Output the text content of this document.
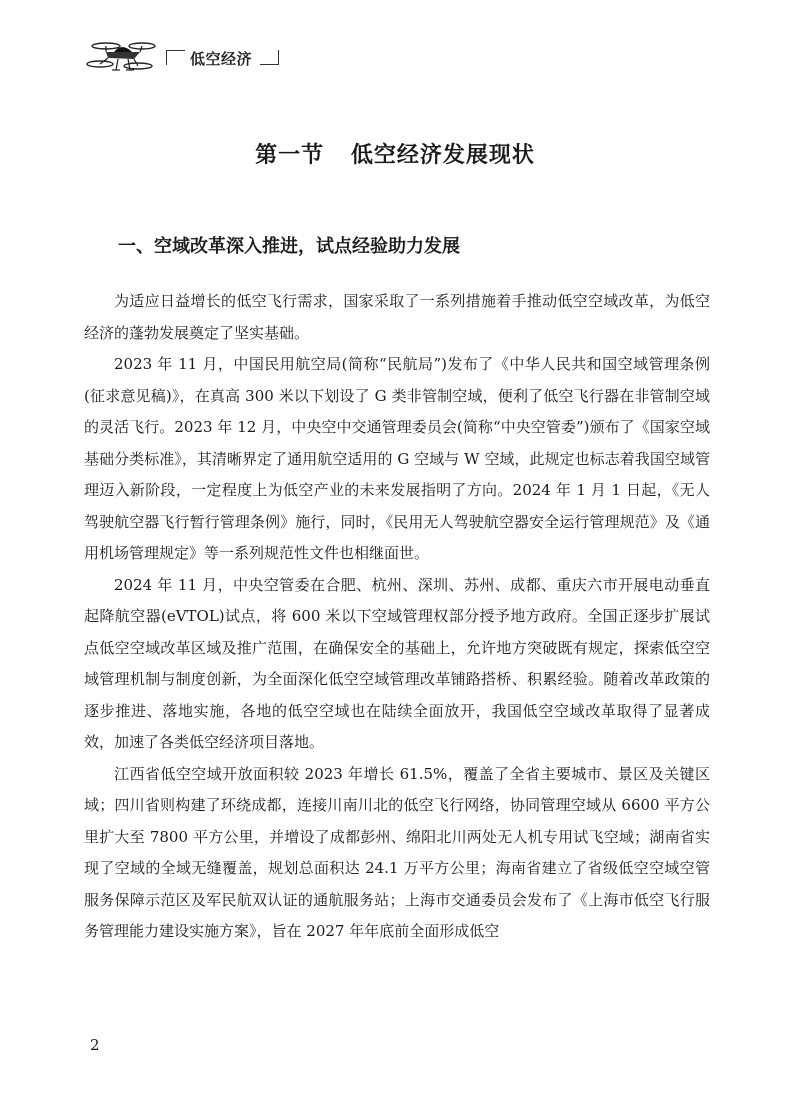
低空经济
第一节 低空经济发展现状
一、空域改革深入推进，试点经验助力发展

为适应日益增长的低空飞行需求，国家采取了一系列措施着手推动低空空域改革，为低空经济的蓬勃发展奠定了坚实基础。

2023 年 11 月，中国民用航空局(简称“民航局”)发布了《中华人民共和国空域管理条例(征求意见稿)》，在真高 300 米以下划设了 G 类非管制空域，便利了低空飞行器在非管制空域的灵活飞行。2023 年 12 月，中央空中交通管理委员会(简称“中央空管委”)颁布了《国家空域基础分类标准》，其清晰界定了通用航空适用的 G 空域与 W 空域，此规定也标志着我国空域管理迈入新阶段，一定程度上为低空产业的未来发展指明了方向。2024 年 1 月 1 日起，《无人驾驶航空器飞行暂行管理条例》施行，同时，《民用无人驾驶航空器安全运行管理规范》及《通用机场管理规定》等一系列规范性文件也相继面世。

2024 年 11 月，中央空管委在合肥、杭州、深圳、苏州、成都、重庆六市开展电动垂直起降航空器(eVTOL)试点，将 600 米以下空域管理权部分授予地方政府。全国正逐步扩展试点低空空域改革区域及推广范围，在确保安全的基础上，允许地方突破既有规定，探索低空空域管理机制与制度创新，为全面深化低空空域管理改革铺路搭桥、积累经验。随着改革政策的逐步推进、落地实施，各地的低空空域也在陆续全面放开，我国低空空域改革取得了显著成效，加速了各类低空经济项目落地。

江西省低空空域开放面积较 2023 年增长 61.5%，覆盖了全省主要城市、景区及关键区域；四川省则构建了环绕成都，连接川南川北的低空飞行网络，协同管理空域从 6600 平方公里扩大至 7800 平方公里，并增设了成都彭州、绵阳北川两处无人机专用试飞空域；湖南省实现了空域的全域无缝覆盖，规划总面积达 24.1 万平方公里；海南省建立了省级低空空域空管服务保障示范区及军民航双认证的通航服务站；上海市交通委员会发布了《上海市低空飞行服务管理能力建设实施方案》，旨在 2027 年年底前全面形成低空

2
